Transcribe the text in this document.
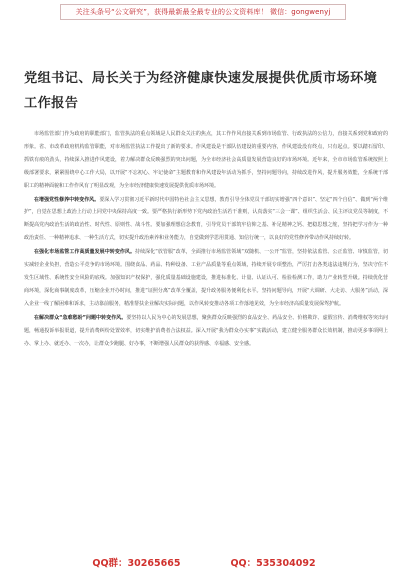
关注头条号“公文研究”，获得最新最全最专业的公文资料库！ 微信：gongwenyj
党组书记、局长关于为经济健康快速发展提供优质市场环境工作报告

市场监管部门作为政府的职能部门，监管执法的重点领域是人民群众关注的焦点，其工作作风直接关系到市场监管、行政执法的公信力，直接关系到党和政府的形象。省、市改革政府机构监管职能，对市场监管执法工作提出了新的要求。作风建设是干部队伍建设的重要内容，作风建设没有终点，只有起点。要以踏石留印、抓铁有痕的劲头，持续深入推进作风建设，着力解决群众反映强烈的突出问题，为全市经济社会高质量发展营造良好的市场环境。近年来，全市市场监管系统按照上级部署要求，紧紧围绕中心工作大局，以开展“不忘初心、牢记使命”主题教育和作风建设年活动为抓手，坚持问题导向，持续改进作风，提升服务效能，全系统干部职工的精神面貌和工作作风有了明显改观，为全市经济健康快速发展提供优质市场环境。

在增强党性修养中转变作风。要深入学习贯彻习近平新时代中国特色社会主义思想，教育引导全体党员干部切实增强“四个意识”、坚定“四个自信”、做到“两个维护”，自觉在思想上政治上行动上同党中央保持高度一致。要严格执行新形势下党内政治生活若干准则，认真落实“三会一课”、组织生活会、民主评议党员等制度，不断提高党内政治生活的政治性、时代性、原则性、战斗性。要加强理想信念教育，引导党员干部筑牢信仰之基、补足精神之钙、把稳思想之舵，坚持把学习作为一种政治责任、一种精神追求、一种生活方式，切实提升政治素养和业务能力，自觉做到学思用贯通、知信行统一，以良好的党性修养带动作风持续好转。

在强化市场监管工作高质量发展中转变作风。持续深化“放管服”改革，全面推行市场监管领域“双随机、一公开”监管，坚持依法监管、公正监管、审慎监管，切实减轻企业负担，营造公平竞争的市场环境。围绕食品、药品、特种设备、工业产品质量等重点领域，持续开展专项整治，严厉打击各类违法违规行为，坚决守住不发生区域性、系统性安全风险的底线。加强知识产权保护，强化质量基础设施建设，推进标准化、计量、认证认可、检验检测工作，助力产业转型升级。持续优化营商环境，深化商事制度改革，压缩企业开办时间，推进“证照分离”改革全覆盖，提升政务服务便利化水平。坚持问题导向，开展“大调研、大走访、大服务”活动，深入企业一线了解困难和诉求，主动靠前服务，精准帮扶企业解决实际问题，以作风转变推动各项工作落地见效，为全市经济高质量发展保驾护航。

在解决群众“急难愁盼”问题中转变作风。要坚持以人民为中心的发展思想，聚焦群众反映强烈的食品安全、药品安全、价格欺诈、虚假宣传、消费维权等突出问题，畅通投诉举报渠道，提升消费纠纷处置效率，切实维护消费者合法权益。深入开展“我为群众办实事”实践活动，建立健全服务群众长效机制，推动更多事项网上办、掌上办、就近办、一次办，让群众少跑腿、好办事，不断增强人民群众的获得感、幸福感、安全感。

QQ群：30265665	QQ：535304092
